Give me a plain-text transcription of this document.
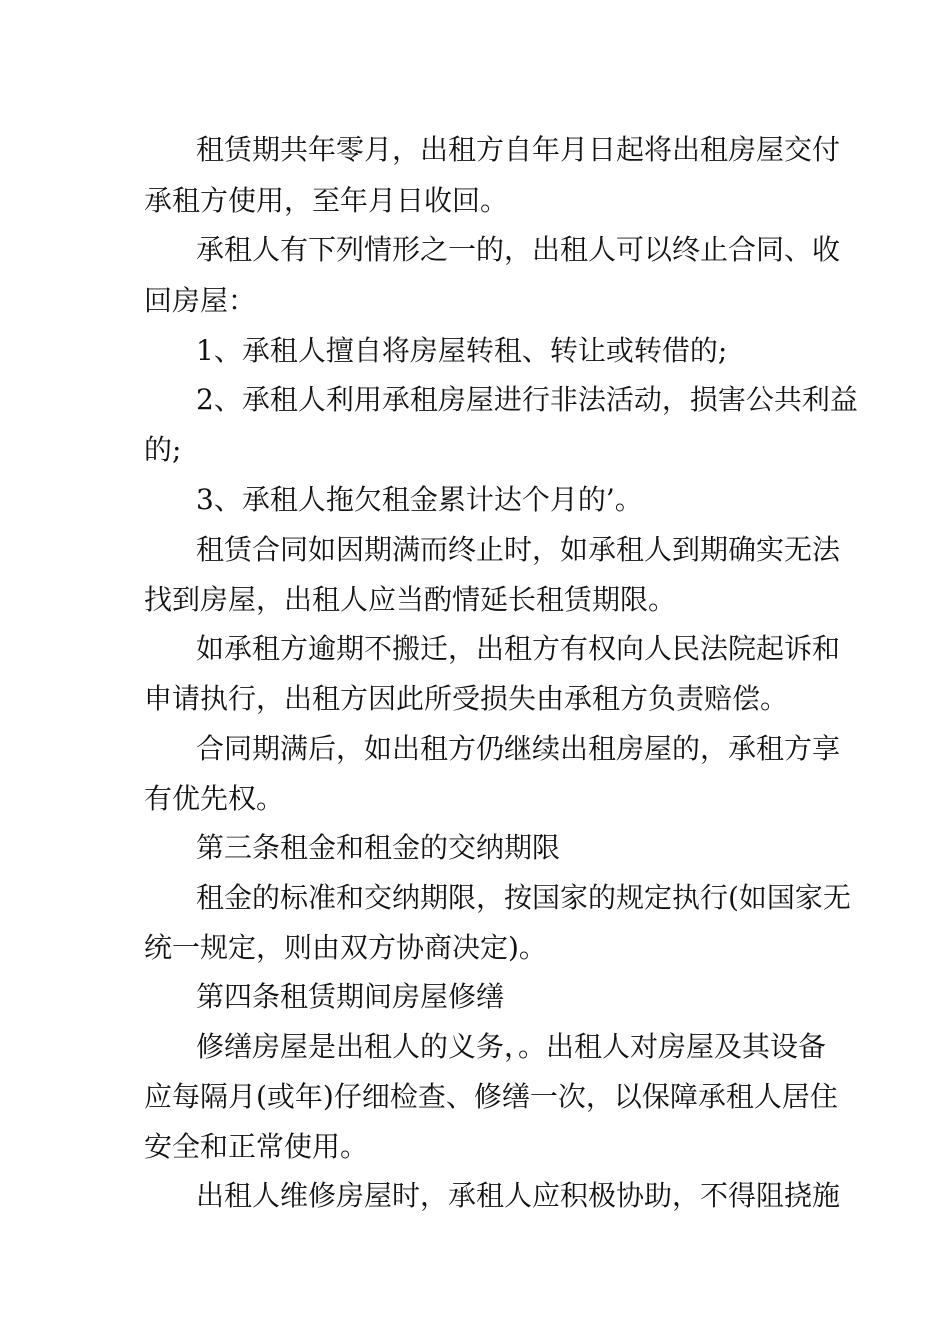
租赁期共年零月，出租方自年月日起将出租房屋交付
承租方使用，至年月日收回。
承租人有下列情形之一的，出租人可以终止合同、收
回房屋：
1、承租人擅自将房屋转租、转让或转借的;
2、承租人利用承租房屋进行非法活动，损害公共利益
的;
3、承租人拖欠租金累计达个月的’。
租赁合同如因期满而终止时，如承租人到期确实无法
找到房屋，出租人应当酌情延长租赁期限。
如承租方逾期不搬迁，出租方有权向人民法院起诉和
申请执行，出租方因此所受损失由承租方负责赔偿。
合同期满后，如出租方仍继续出租房屋的，承租方享
有优先权。
第三条租金和租金的交纳期限
租金的标准和交纳期限，按国家的规定执行(如国家无
统一规定，则由双方协商决定)。
第四条租赁期间房屋修缮
修缮房屋是出租人的义务，。出租人对房屋及其设备
应每隔月(或年)仔细检查、修缮一次，以保障承租人居住
安全和正常使用。
出租人维修房屋时，承租人应积极协助，不得阻挠施
